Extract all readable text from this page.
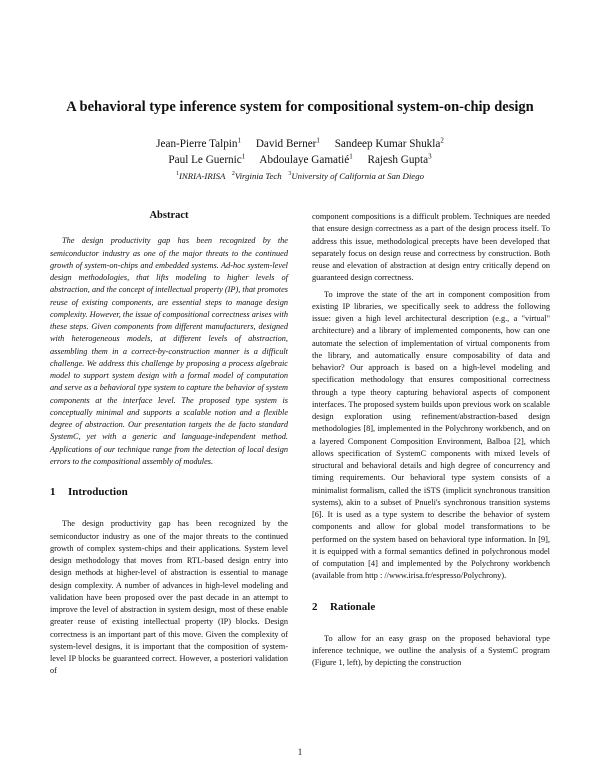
A behavioral type inference system for compositional system-on-chip design
Jean-Pierre Talpin$^1$ David Berner$^1$ Sandeep Kumar Shukla$^2$
Paul Le Guernic$^1$ Abdoulaye Gamatié$^1$ Rajesh Gupta$^3$
$^1$INRIA-IRISA $^2$Virginia Tech $^3$University of California at San Diego
Abstract

The design productivity gap has been recognized by the semiconductor industry as one of the major threats to the continued growth of system-on-chips and embedded systems. Ad-hoc system-level design methodologies, that lifts modeling to higher levels of abstraction, and the concept of intellectual property (IP), that promotes reuse of existing components, are essential steps to manage design complexity. However, the issue of compositional correctness arises with these steps. Given components from different manufacturers, designed with heterogeneous models, at different levels of abstraction, assembling them in a correct-by-construction manner is a difficult challenge. We address this challenge by proposing a process algebraic model to support system design with a formal model of computation and serve as a behavioral type system to capture the behavior of system components at the interface level. The proposed type system is conceptually minimal and supports a scalable notion and a flexible degree of abstraction. Our presentation targets the de facto standard SystemC, yet with a generic and language-independent method. Applications of our technique range from the detection of local design errors to the compositional assembly of modules.

1 Introduction

The design productivity gap has been recognized by the semiconductor industry as one of the major threats to the continued growth of complex system-chips and their applications. System level design methodology that moves from RTL-based design entry into design methods at higher-level of abstraction is essential to manage design complexity. A number of advances in high-level modeling and validation have been proposed over the past decade in an attempt to improve the level of abstraction in system design, most of these enable greater reuse of existing intellectual property (IP) blocks. Design correctness is an important part of this move. Given the complexity of system-level designs, it is important that the composition of system-level IP blocks be guaranteed correct. However, a posteriori validation of

component compositions is a difficult problem. Techniques are needed that ensure design correctness as a part of the design process itself. To address this issue, methodological precepts have been developed that separately focus on design reuse and correctness by construction. Both reuse and elevation of abstraction at design entry critically depend on guaranteed design correctness.

To improve the state of the art in component composition from existing IP libraries, we specifically seek to address the following issue: given a high level architectural description (e.g., a "virtual" architecture) and a library of implemented components, how can one automate the selection of implementation of virtual components from the library, and automatically ensure composability of data and behavior? Our approach is based on a high-level modeling and specification methodology that ensures compositional correctness through a type theory capturing behavioral aspects of component interfaces. The proposed system builds upon previous work on scalable design exploration using refinement/abstraction-based design methodologies [8], implemented in the Polychrony workbench, and on a layered Component Composition Environment, Balboa [2], which allows specification of SystemC components with mixed levels of structural and behavioral details and high degree of concurrency and timing requirements. Our behavioral type system consists of a minimalist formalism, called the iSTS (implicit synchronous transition systems), akin to a subset of Pnueli's synchronous transition systems [6]. It is used as a type system to describe the behavior of system components and allow for global model transformations to be performed on the system based on behavioral type information. In [9], it is equipped with a formal semantics defined in polychronous model of computation [4] and implemented by the Polychrony workbench (available from http : //www.irisa.fr/espresso/Polychrony).

2 Rationale

To allow for an easy grasp on the proposed behavioral type inference technique, we outline the analysis of a SystemC program (Figure 1, left), by depicting the construction

1
